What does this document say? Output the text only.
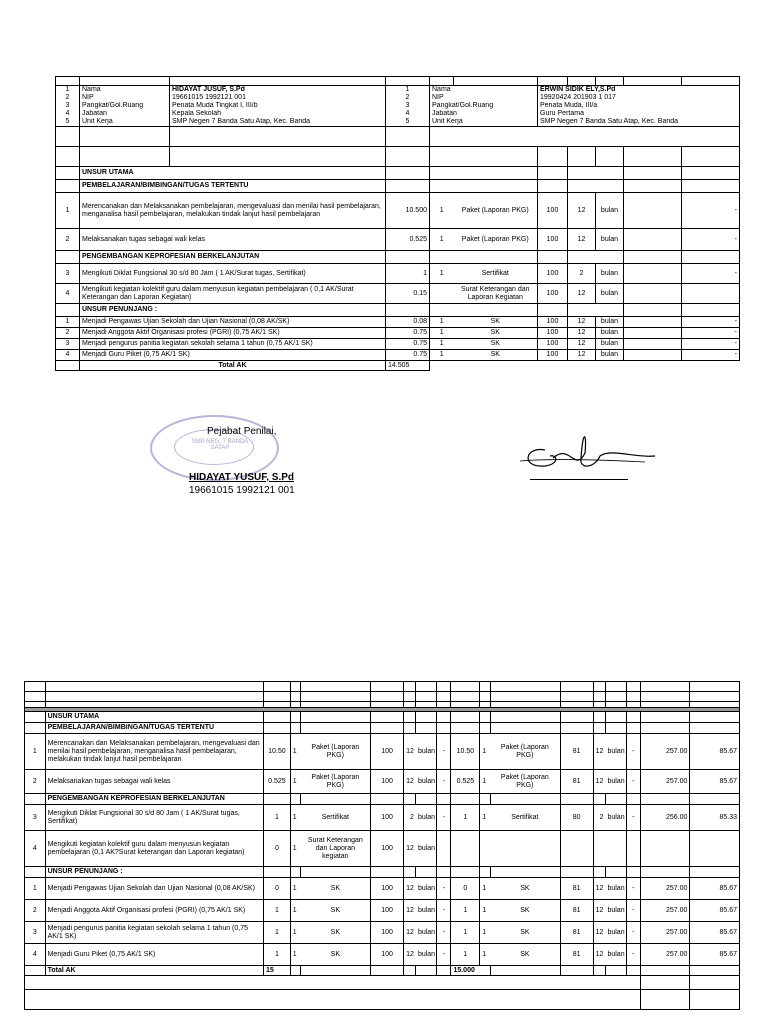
1	Nama	HIDAYAT JUSUF, S.Pd	1	Nama		ERWIN SIDIK ELY,S.Pd				
2	NIP	19661015 1992121 001	2	NIP		19920424 201903 1 017				
3	Pangkat/Gol.Ruang	Penata Muda Tingkat I, III/b	3	Pangkat/Gol.Ruang		Penata Muda, III/a				
4	Jabatan	Kepala Sekolah	4	Jabatan		Guru Pertama				
5	Unit Kerja	SMP Negeri 7 Banda Satu Atap, Kec. Banda	5	Unit Kerja		SMP Negeri 7 Banda Satu Atap, Kec. Banda				

	UNSUR UTAMA									
	PEMBELAJARAN/BIMBINGAN/TUGAS TERTENTU									
1	Merencanakan dan Melaksanakan pembelajaran, mengevaluasi dan menilai hasil pembelajaran, menganalisa hasil pembelajaran, melakukan tindak lanjut hasil pembelajaran		10.500	1	Paket (Laporan PKG)	100	12	bulan		-
2	Melaksanakan tugas sebagai wali kelas		0.525	1	Paket (Laporan PKG)	100	12	bulan		-
	PENGEMBANGAN KEPROFESIAN BERKELANJUTAN									
3	Mengikuti Diklat Fungsional 30 s/d 80 Jam ( 1 AK/Surat tugas, Sertifikat)		1	1	Sertifikat	100	2	bulan		-
4	Mengikuti kegiatan kolektif guru dalam menyusun kegiatan pembelajaran ( 0,1 AK/Surat Keterangan dan Laporan Kegiatan)		0.15		Surat Keterangan dan Laporan Kegiatan	100	12	bulan		
	UNSUR PENUNJANG :									
1	Menjadi Pengawas Ujian Sekolah dan Ujian Nasional (0,08 AK/SK)		0.08	1	SK	100	12	bulan		-
2	Menjadi Anggota Aktif Organisasi profesi (PGRI) (0,75 AK/1 SK)		0.75	1	SK	100	12	bulan		-
3	Menjadi pengurus panitia kegiatan sekolah selama 1 tahun (0,75 AK/1 SK)		0.75	1	SK	100	12	bulan		-
4	Menjadi Guru Piket (0,75 AK/1 SK)		0.75	1	SK	100	12	bulan		-
	Total AK		14.505							
SMP NEG. 7 BANDA SATAP
Pejabat Penilai,
HIDAYAT YUSUF, S.Pd
19661015 1992121 001

	UNSUR UTAMA																
	PEMBELAJARAN/BIMBINGAN/TUGAS TERTENTU																
1	Merencanakan dan Melaksanakan pembelajaran, mengevaluasi dan menilai hasil pembelajaran, menganalisa hasil pembelajaran, melakukan tindak lanjut hasil pembelajaran	10.50	1	Paket (Laporan PKG)	100	12	bulan	-	10.50	1	Paket (Laporan PKG)	81	12	bulan	-	257.00	85.67
2	Melaksanakan tugas sebagai wali kelas	0.525	1	Paket (Laporan PKG)	100	12	bulan	-	0.525	1	Paket (Laporan PKG)	81	12	bulan	-	257.00	85.67
	PENGEMBANGAN KEPROFESIAN BERKELANJUTAN																
3	Mengikuti Diklat Fungsional 30 s/d 80 Jam ( 1 AK/Surat tugas, Sertifikat)	1	1	Sertifikat	100	2	bulan	-	1	1	Sertifikat	80	2	bulan	-	256.00	85.33
4	Mengikuti kegiatan kolektif guru dalam menyusun kegiatan pembelajaran (0,1 AK?Surat keterangan dan Laporan kegiatan)	0	1	Surat Keterangan dan Laporan kegiatan	100	12	bulan										
	UNSUR PENUNJANG :																
1	Menjadi Pengawas Ujian Sekolah dan Ujian Nasional (0,08 AK/SK)	0	1	SK	100	12	bulan	-	0	1	SK	81	12	bulan	-	257.00	85.67
2	Menjadi Anggota Aktif Organisasi profesi (PGRI) (0,75 AK/1 SK)	1	1	SK	100	12	bulan	-	1	1	SK	81	12	bulan	-	257.00	85.67
3	Menjadi pengurus panitia kegiatan sekolah selama 1 tahun (0,75 AK/1 SK)	1	1	SK	100	12	bulan	-	1	1	SK	81	12	bulan	-	257.00	85.67
4	Menjadi Guru Piket (0,75 AK/1 SK)	1	1	SK	100	12	bulan	-	1	1	SK	81	12	bulan	-	257.00	85.67
	Total AK	15							15.000								
